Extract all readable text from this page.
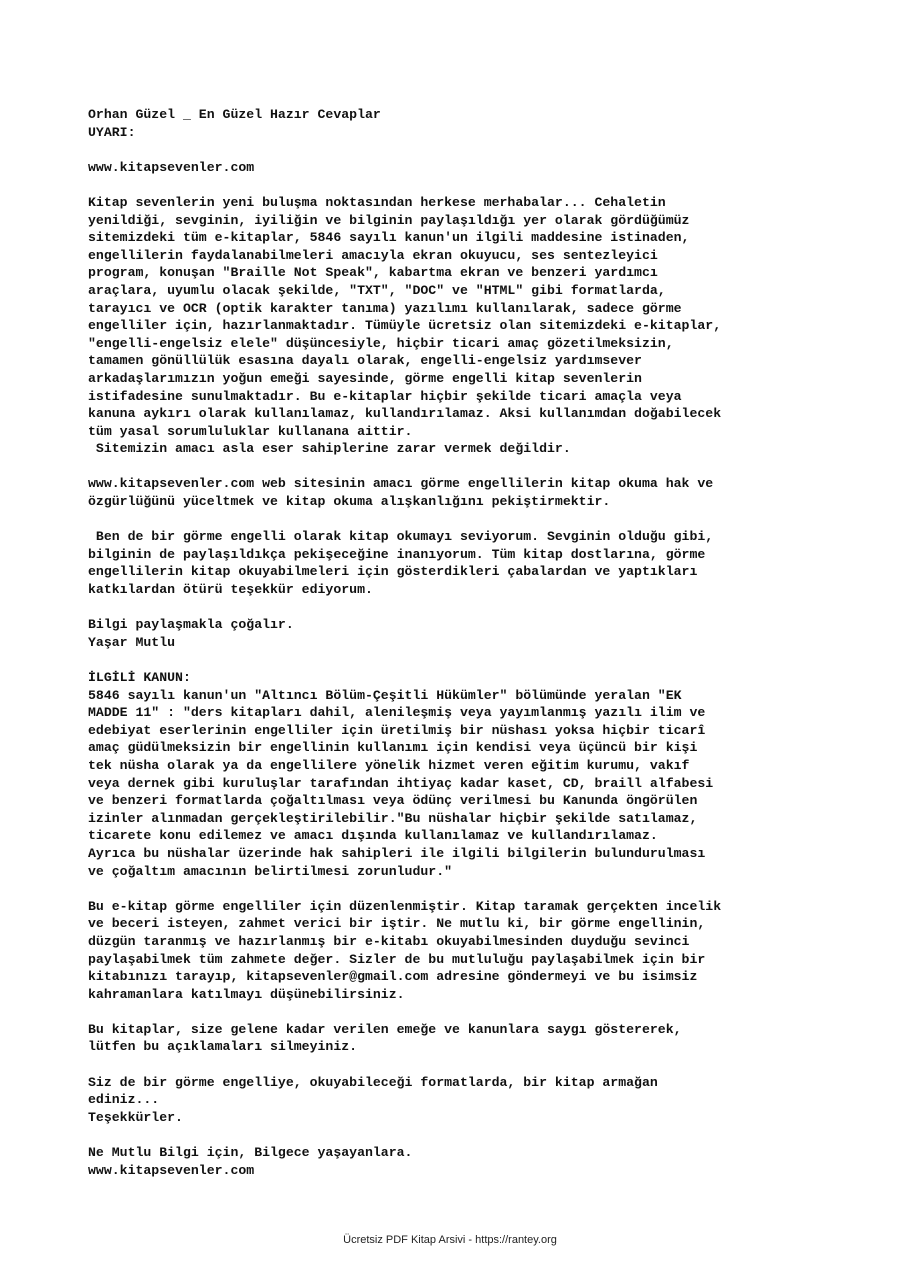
Orhan Güzel _ En Güzel Hazır Cevaplar
UYARI:
www.kitapsevenler.com
Kitap sevenlerin yeni buluşma noktasından herkese merhabalar... Cehaletin
yenildiği, sevginin, iyiliğin ve bilginin paylaşıldığı yer olarak gördüğümüz
sitemizdeki tüm e-kitaplar, 5846 sayılı kanun'un ilgili maddesine istinaden,
engellilerin faydalanabilmeleri amacıyla ekran okuyucu, ses sentezleyici
program, konuşan "Braille Not Speak", kabartma ekran ve benzeri yardımcı
araçlara, uyumlu olacak şekilde, "TXT", "DOC" ve "HTML" gibi formatlarda,
tarayıcı ve OCR (optik karakter tanıma) yazılımı kullanılarak, sadece görme
engelliler için, hazırlanmaktadır. Tümüyle ücretsiz olan sitemizdeki e-kitaplar,
"engelli-engelsiz elele" düşüncesiyle, hiçbir ticari amaç gözetilmeksizin,
tamamen gönüllülük esasına dayalı olarak, engelli-engelsiz yardımsever
arkadaşlarımızın yoğun emeği sayesinde, görme engelli kitap sevenlerin
istifadesine sunulmaktadır. Bu e-kitaplar hiçbir şekilde ticari amaçla veya
kanuna aykırı olarak kullanılamaz, kullandırılamaz. Aksi kullanımdan doğabilecek
tüm yasal sorumluluklar kullanana aittir.
Sitemizin amacı asla eser sahiplerine zarar vermek değildir.
www.kitapsevenler.com web sitesinin amacı görme engellilerin kitap okuma hak ve
özgürlüğünü yüceltmek ve kitap okuma alışkanlığını pekiştirmektir.
Ben de bir görme engelli olarak kitap okumayı seviyorum. Sevginin olduğu gibi,
bilginin de paylaşıldıkça pekişeceğine inanıyorum. Tüm kitap dostlarına, görme
engellilerin kitap okuyabilmeleri için gösterdikleri çabalardan ve yaptıkları
katkılardan ötürü teşekkür ediyorum.
Bilgi paylaşmakla çoğalır.
Yaşar Mutlu
İLGİLİ KANUN:
5846 sayılı kanun'un "Altıncı Bölüm-Çeşitli Hükümler" bölümünde yeralan "EK
MADDE 11" : "ders kitapları dahil, alenileşmiş veya yayımlanmış yazılı ilim ve
edebiyat eserlerinin engelliler için üretilmiş bir nüshası yoksa hiçbir ticarî
amaç güdülmeksizin bir engellinin kullanımı için kendisi veya üçüncü bir kişi
tek nüsha olarak ya da engellilere yönelik hizmet veren eğitim kurumu, vakıf
veya dernek gibi kuruluşlar tarafından ihtiyaç kadar kaset, CD, braill alfabesi
ve benzeri formatlarda çoğaltılması veya ödünç verilmesi bu Kanunda öngörülen
izinler alınmadan gerçekleştirilebilir."Bu nüshalar hiçbir şekilde satılamaz,
ticarete konu edilemez ve amacı dışında kullanılamaz ve kullandırılamaz.
Ayrıca bu nüshalar üzerinde hak sahipleri ile ilgili bilgilerin bulundurulması
ve çoğaltım amacının belirtilmesi zorunludur."
Bu e-kitap görme engelliler için düzenlenmiştir. Kitap taramak gerçekten incelik
ve beceri isteyen, zahmet verici bir iştir. Ne mutlu ki, bir görme engellinin,
düzgün taranmış ve hazırlanmış bir e-kitabı okuyabilmesinden duyduğu sevinci
paylaşabilmek tüm zahmete değer. Sizler de bu mutluluğu paylaşabilmek için bir
kitabınızı tarayıp, kitapsevenler@gmail.com adresine göndermeyi ve bu isimsiz
kahramanlara katılmayı düşünebilirsiniz.
Bu kitaplar, size gelene kadar verilen emeğe ve kanunlara saygı göstererek,
lütfen bu açıklamaları silmeyiniz.
Siz de bir görme engelliye, okuyabileceği formatlarda, bir kitap armağan
ediniz...
Teşekkürler.
Ne Mutlu Bilgi için, Bilgece yaşayanlara.
www.kitapsevenler.com
Ücretsiz PDF Kitap Arsivi - https://rantey.org
